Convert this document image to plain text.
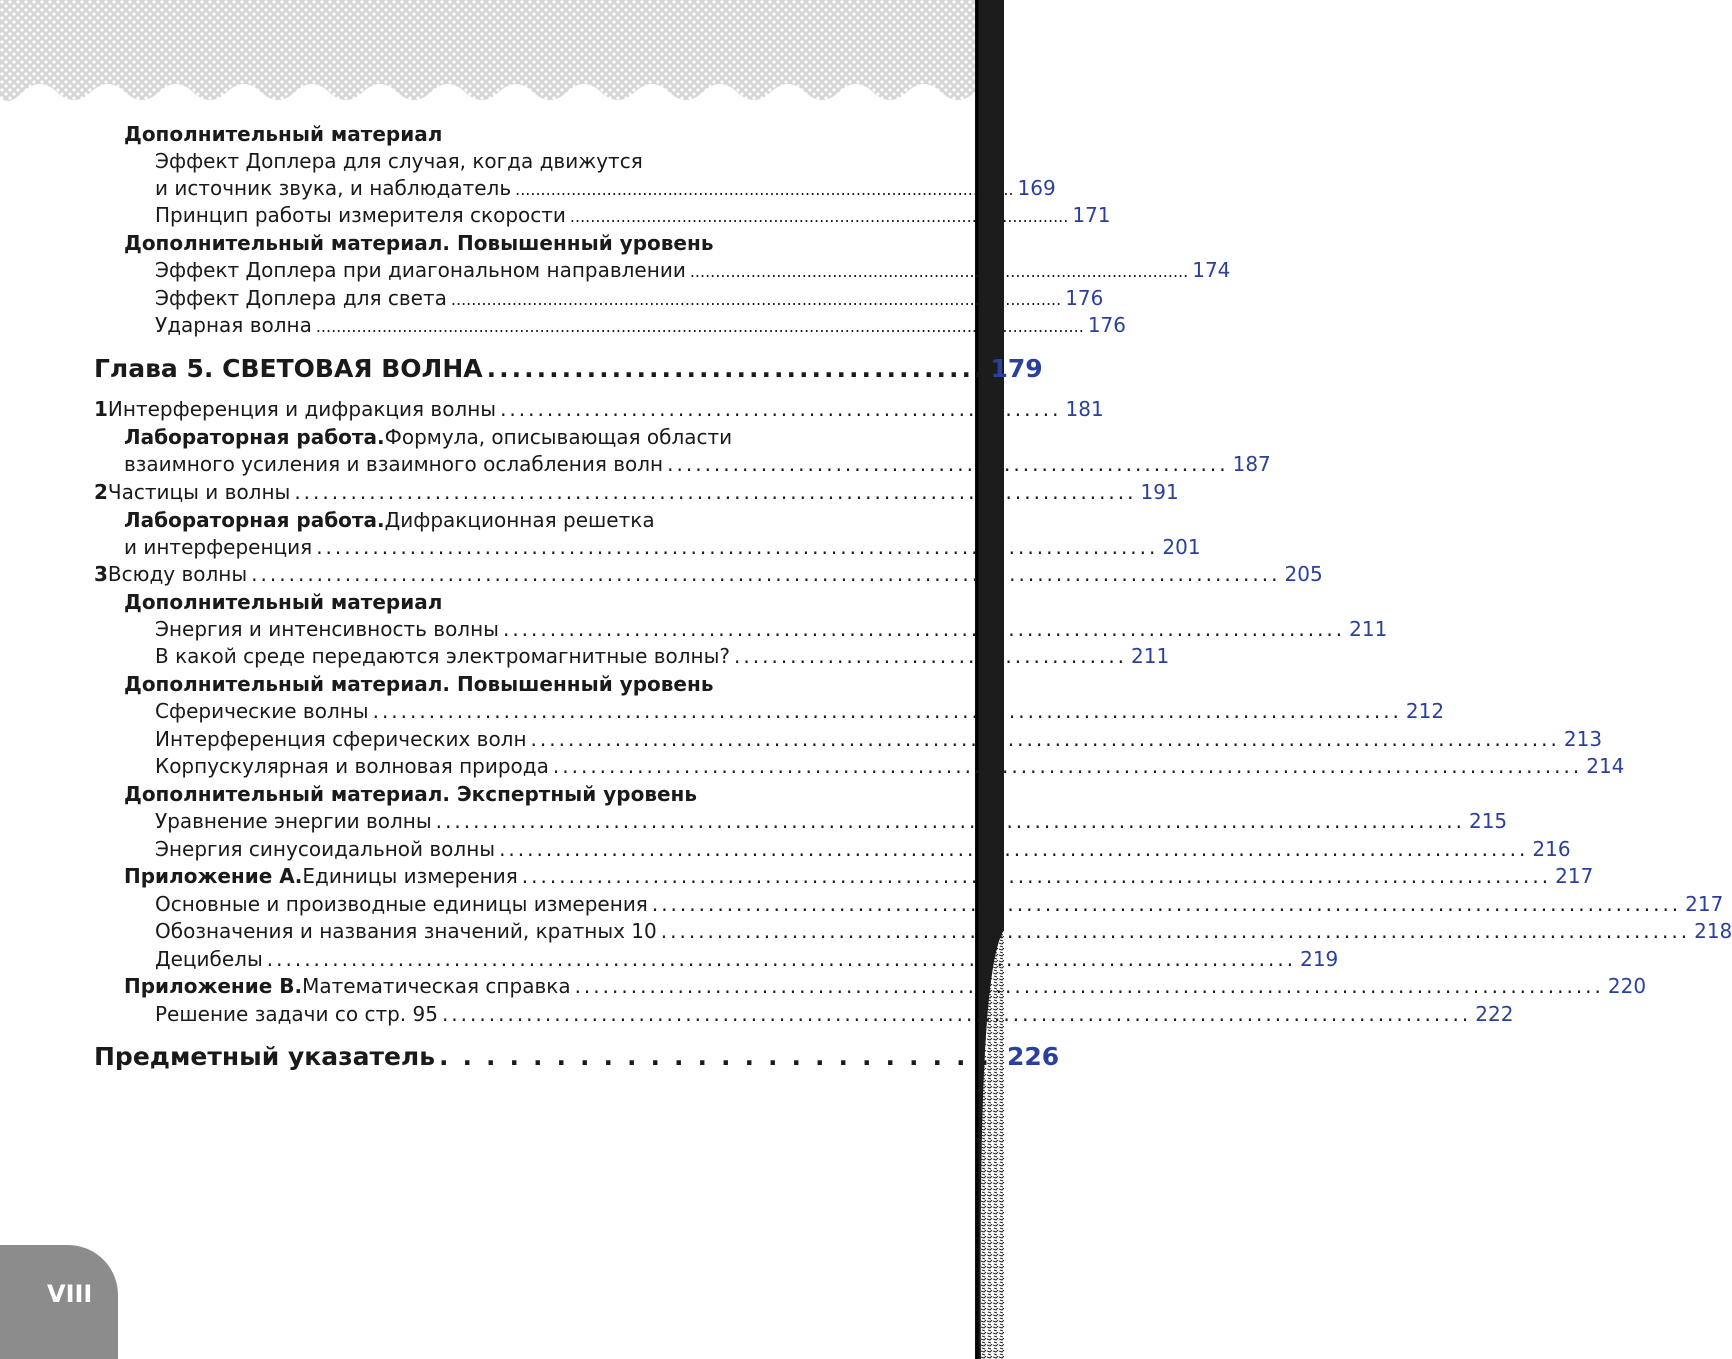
VIII
Дополнительный материал
Эффект Доплера для случая, когда движутся
и источник звука, и наблюдатель .................................................................................................. 169
Принцип работы измерителя скорости .................................................................................................. 171
Дополнительный материал. Повышенный уровень
Эффект Доплера при диагональном направлении .................................................................................................. 174
Эффект Доплера для света ........................................................................................................................ 176
Ударная волна ....................................................................................................................................................... 176
Глава 5. СВЕТОВАЯ ВОЛНА ........................................ 179
1 Интерференция и дифракция волны ............................................................ 181
Лабораторная работа. Формула, описывающая области
взаимного усиления и взаимного ослабления волн ............................................................ 187
2 Частицы и волны .......................................................................................... 191
Лабораторная работа. Дифракционная решетка
и интерференция .......................................................................................... 201
3 Всюду волны .............................................................................................................. 205
Дополнительный материал
Энергия и интенсивность волны .......................................................................................... 211
В какой среде передаются электромагнитные волны? .......................................... 211
Дополнительный материал. Повышенный уровень
Сферические волны .............................................................................................................. 212
Интерференция сферических волн .............................................................................................................. 213
Корпускулярная и волновая природа .............................................................................................................. 214
Дополнительный материал. Экспертный уровень
Уравнение энергии волны .............................................................................................................. 215
Энергия синусоидальной волны .............................................................................................................. 216
Приложение А. Единицы измерения .............................................................................................................. 217
Основные и производные единицы измерения .............................................................................................................. 217
Обозначения и названия значений, кратных 10 .............................................................................................................. 218
Децибелы .............................................................................................................. 219
Приложение В. Математическая справка .............................................................................................................. 220
Решение задачи со стр. 95 .............................................................................................................. 222
Предметный указатель ........................ 226
